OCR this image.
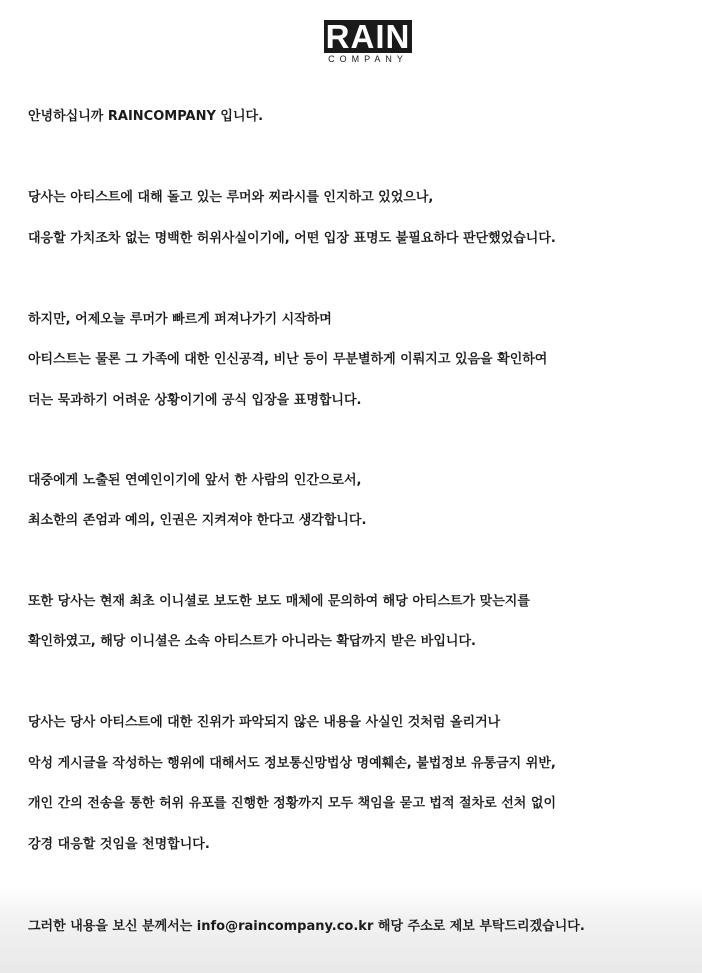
RAIN
COMPANY
안녕하십니까 RAINCOMPANY 입니다.
당사는 아티스트에 대해 돌고 있는 루머와 찌라시를 인지하고 있었으나,
대응할 가치조차 없는 명백한 허위사실이기에, 어떤 입장 표명도 불필요하다 판단했었습니다.
하지만, 어제오늘 루머가 빠르게 퍼져나가기 시작하며
아티스트는 물론 그 가족에 대한 인신공격, 비난 등이 무분별하게 이뤄지고 있음을 확인하여
더는 묵과하기 어려운 상황이기에 공식 입장을 표명합니다.
대중에게 노출된 연예인이기에 앞서 한 사람의 인간으로서,
최소한의 존엄과 예의, 인권은 지켜져야 한다고 생각합니다.
또한 당사는 현재 최초 이니셜로 보도한 보도 매체에 문의하여 해당 아티스트가 맞는지를
확인하였고, 해당 이니셜은 소속 아티스트가 아니라는 확답까지 받은 바입니다.
당사는 당사 아티스트에 대한 진위가 파악되지 않은 내용을 사실인 것처럼 올리거나
악성 게시글을 작성하는 행위에 대해서도 정보통신망법상 명예훼손, 불법정보 유통금지 위반,
개인 간의 전송을 통한 허위 유포를 진행한 정황까지 모두 책임을 묻고 법적 절차로 선처 없이
강경 대응할 것임을 천명합니다.
그러한 내용을 보신 분께서는 info@raincompany.co.kr 해당 주소로 제보 부탁드리겠습니다.
